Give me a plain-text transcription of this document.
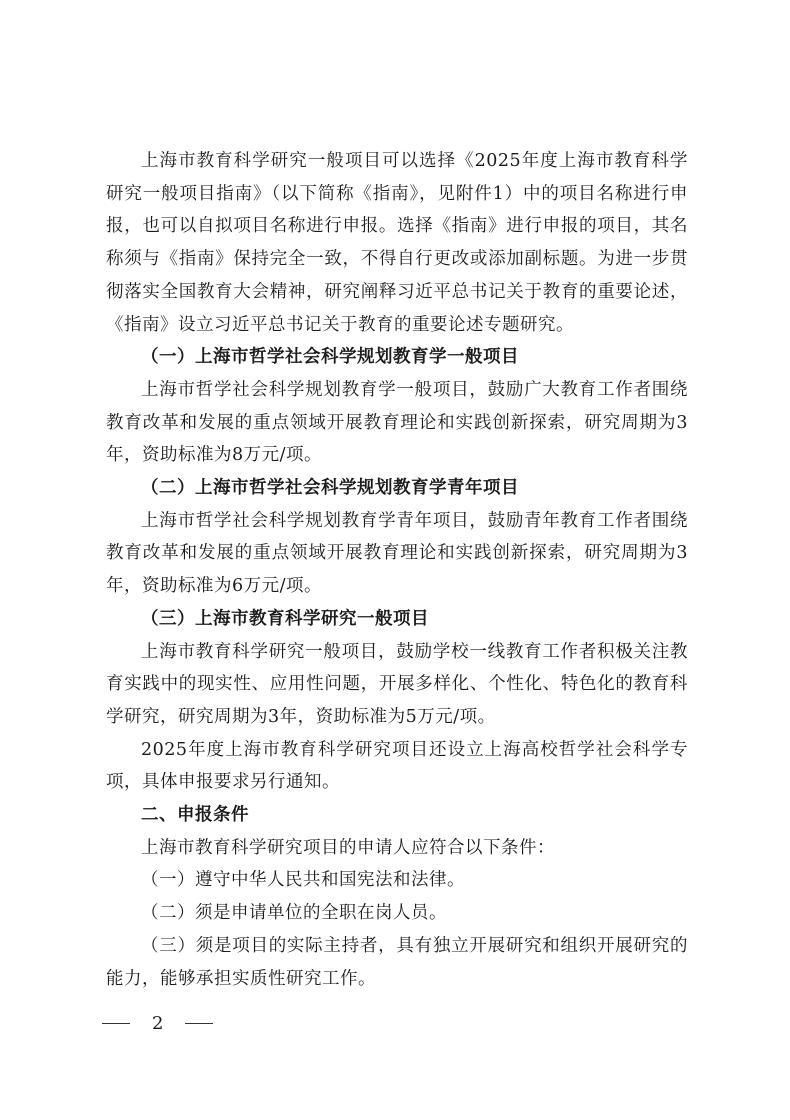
上海市教育科学研究一般项目可以选择《2025年度上海市教育科学研究一般项目指南》（以下简称《指南》，见附件1）中的项目名称进行申报，也可以自拟项目名称进行申报。选择《指南》进行申报的项目，其名称须与《指南》保持完全一致，不得自行更改或添加副标题。为进一步贯彻落实全国教育大会精神，研究阐释习近平总书记关于教育的重要论述，《指南》设立习近平总书记关于教育的重要论述专题研究。

（一）上海市哲学社会科学规划教育学一般项目

上海市哲学社会科学规划教育学一般项目，鼓励广大教育工作者围绕教育改革和发展的重点领域开展教育理论和实践创新探索，研究周期为3年，资助标准为8万元/项。

（二）上海市哲学社会科学规划教育学青年项目

上海市哲学社会科学规划教育学青年项目，鼓励青年教育工作者围绕教育改革和发展的重点领域开展教育理论和实践创新探索，研究周期为3年，资助标准为6万元/项。

（三）上海市教育科学研究一般项目

上海市教育科学研究一般项目，鼓励学校一线教育工作者积极关注教育实践中的现实性、应用性问题，开展多样化、个性化、特色化的教育科学研究，研究周期为3年，资助标准为5万元/项。

2025年度上海市教育科学研究项目还设立上海高校哲学社会科学专项，具体申报要求另行通知。

二、申报条件

上海市教育科学研究项目的申请人应符合以下条件：

（一）遵守中华人民共和国宪法和法律。

（二）须是申请单位的全职在岗人员。

（三）须是项目的实际主持者，具有独立开展研究和组织开展研究的能力，能够承担实质性研究工作。

2
